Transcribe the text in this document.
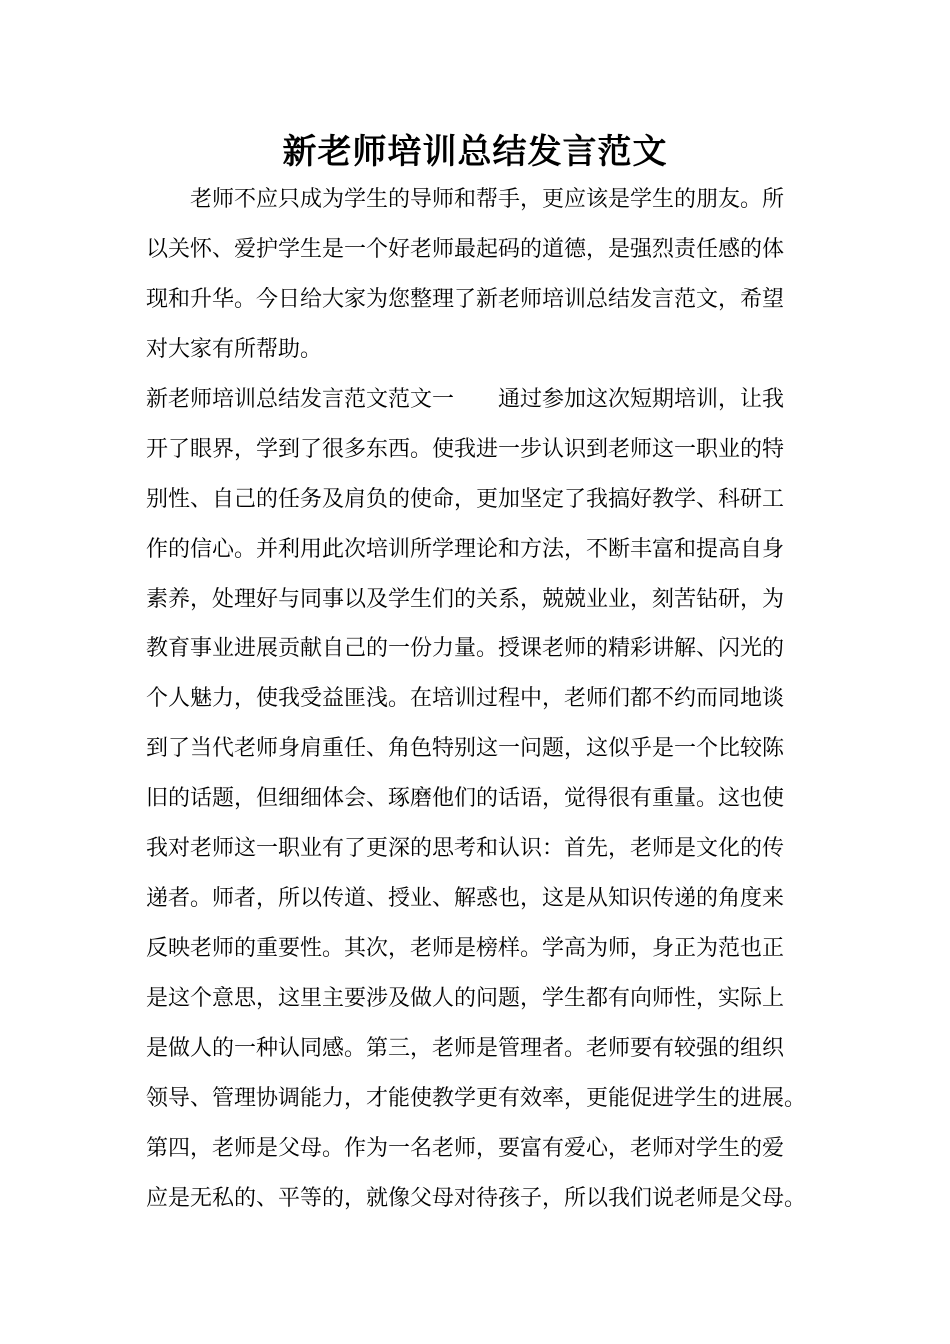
新老师培训总结发言范文
老师不应只成为学生的导师和帮手，更应该是学生的朋友。所
以关怀、爱护学生是一个好老师最起码的道德，是强烈责任感的体
现和升华。今日给大家为您整理了新老师培训总结发言范文，希望
对大家有所帮助。
新老师培训总结发言范文范文一 通过参加这次短期培训，让我
开了眼界，学到了很多东西。使我进一步认识到老师这一职业的特
别性、自己的任务及肩负的使命，更加坚定了我搞好教学、科研工
作的信心。并利用此次培训所学理论和方法，不断丰富和提高自身
素养，处理好与同事以及学生们的关系，兢兢业业，刻苦钻研，为
教育事业进展贡献自己的一份力量。授课老师的精彩讲解、闪光的
个人魅力，使我受益匪浅。在培训过程中，老师们都不约而同地谈
到了当代老师身肩重任、角色特别这一问题，这似乎是一个比较陈
旧的话题，但细细体会、琢磨他们的话语，觉得很有重量。这也使
我对老师这一职业有了更深的思考和认识：首先，老师是文化的传
递者。师者，所以传道、授业、解惑也，这是从知识传递的角度来
反映老师的重要性。其次，老师是榜样。学高为师，身正为范也正
是这个意思，这里主要涉及做人的问题，学生都有向师性，实际上
是做人的一种认同感。第三，老师是管理者。老师要有较强的组织
领导、管理协调能力，才能使教学更有效率，更能促进学生的进展。
第四，老师是父母。作为一名老师，要富有爱心，老师对学生的爱
应是无私的、平等的，就像父母对待孩子，所以我们说老师是父母。
